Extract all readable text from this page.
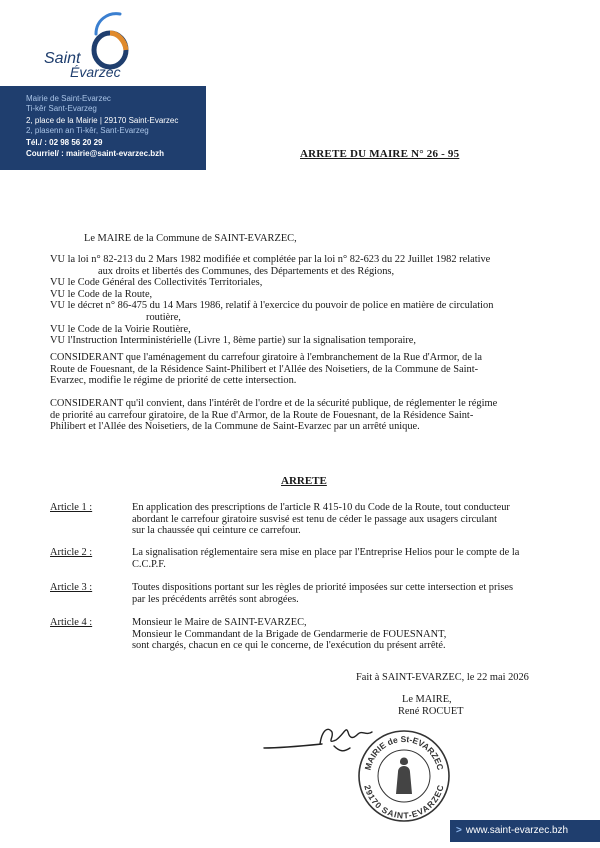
Saint
Évarzec
Mairie de Saint-Evarzec
Ti-kêr Sant-Evarzeg
2, place de la Mairie | 29170 Saint-Evarzec
2, plasenn an Ti-kêr, Sant-Evarzeg
Tél./ : 02 98 56 20 29
Courriel/ : mairie@saint-evarzec.bzh	ARRETE DU MAIRE N° 26 - 95
Le MAIRE de la Commune de SAINT-EVARZEC,

VU la loi n° 82-213 du 2 Mars 1982 modifiée et complétée par la loi n° 82-623 du 22 Juillet 1982 relative

aux droits et libertés des Communes, des Départements et des Régions,

VU le Code Général des Collectivités Territoriales,

VU le Code de la Route,

VU le décret n° 86-475 du 14 Mars 1986, relatif à l'exercice du pouvoir de police en matière de circulation

routière,

VU le Code de la Voirie Routière,

VU l'Instruction Interministérielle (Livre 1, 8ème partie) sur la signalisation temporaire,

CONSIDERANT que l'aménagement du carrefour giratoire à l'embranchement de la Rue d'Armor, de la

Route de Fouesnant, de la Résidence Saint-Philibert et l'Allée des Noisetiers, de la Commune de Saint-

Evarzec, modifie le régime de priorité de cette intersection.

CONSIDERANT qu'il convient, dans l'intérêt de l'ordre et de la sécurité publique, de réglementer le régime

de priorité au carrefour giratoire, de la Rue d'Armor, de la Route de Fouesnant, de la Résidence Saint-

Philibert et l'Allée des Noisetiers, de la Commune de Saint-Evarzec par un arrêté unique.

ARRETE
Article 1 :	En application des prescriptions de l'article R 415-10 du Code de la Route, tout conducteur

abordant le carrefour giratoire susvisé est tenu de céder le passage aux usagers circulant

sur la chaussée qui ceinture ce carrefour.

Article 2 :	La signalisation réglementaire sera mise en place par l'Entreprise Helios pour le compte de la

C.C.P.F.

Article 3 :	Toutes dispositions portant sur les règles de priorité imposées sur cette intersection et prises

par les précédents arrêtés sont abrogées.

Article 4 :	Monsieur le Maire de SAINT-EVARZEC,

Monsieur le Commandant de la Brigade de Gendarmerie de FOUESNANT,

sont chargés, chacun en ce qui le concerne, de l'exécution du présent arrêté.

Fait à SAINT-EVARZEC, le 22 mai 2026
Le MAIRE,
René ROCUET
MAIRIE de St-EVARZEC
29170 SAINT-EVARZEC
> www.saint-evarzec.bzh
